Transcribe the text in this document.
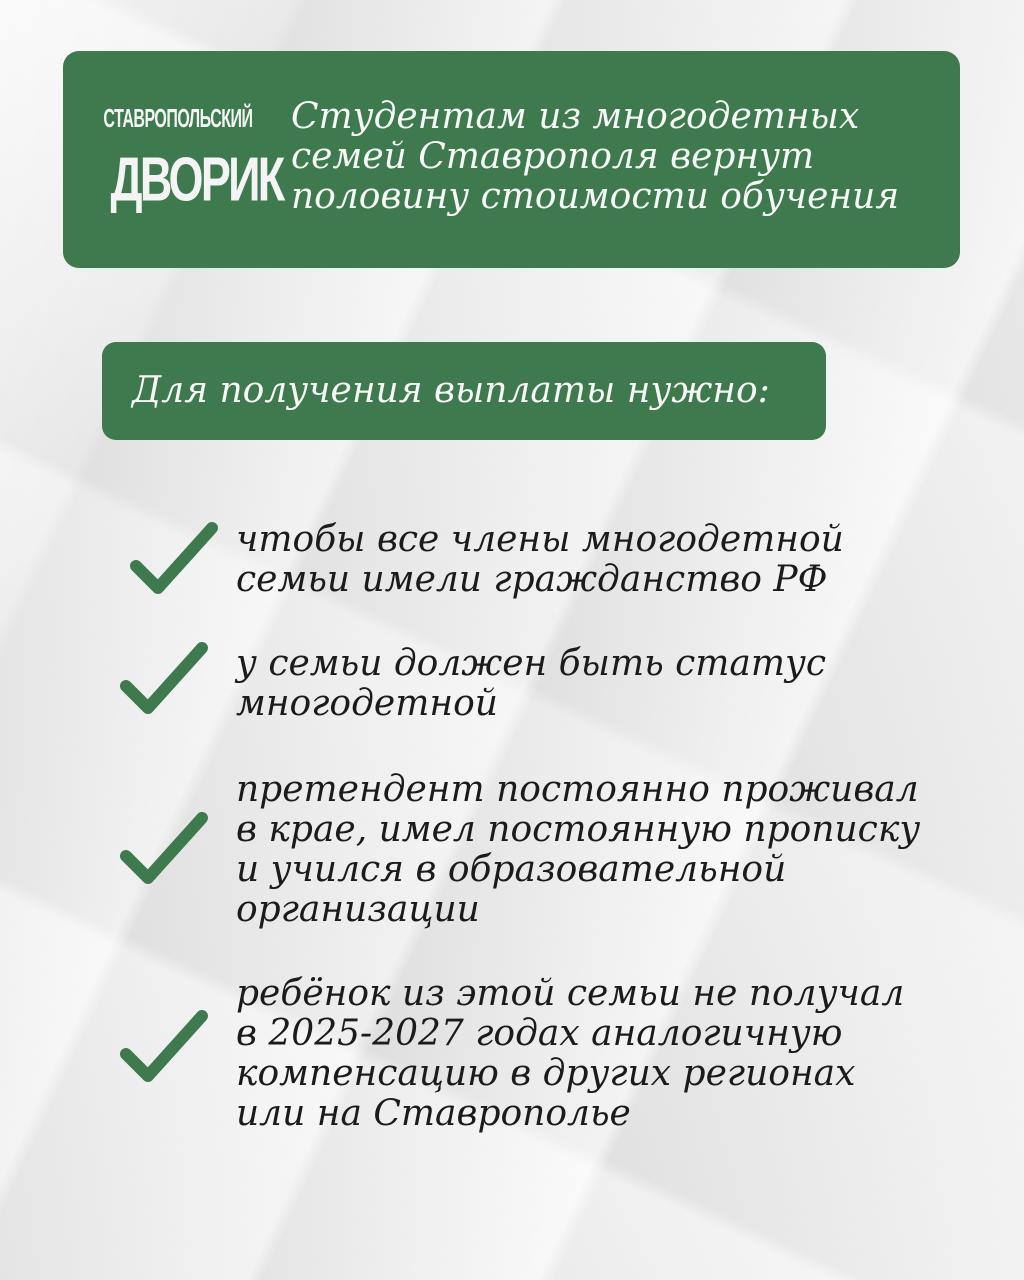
СТАВРОПОЛЬСКИЙ
ДВОРИК
Студентам из многодетных
семей Ставрополя вернут
половину стоимости обучения
Для получения выплаты нужно:

чтобы все члены многодетной
семьи имели гражданство РФ

у семьи должен быть статус
многодетной

претендент постоянно проживал
в крае, имел постоянную прописку
и учился в образовательной
организации

ребёнок из этой семьи не получал
в 2025-2027 годах аналогичную
компенсацию в других регионах
или на Ставрополье
